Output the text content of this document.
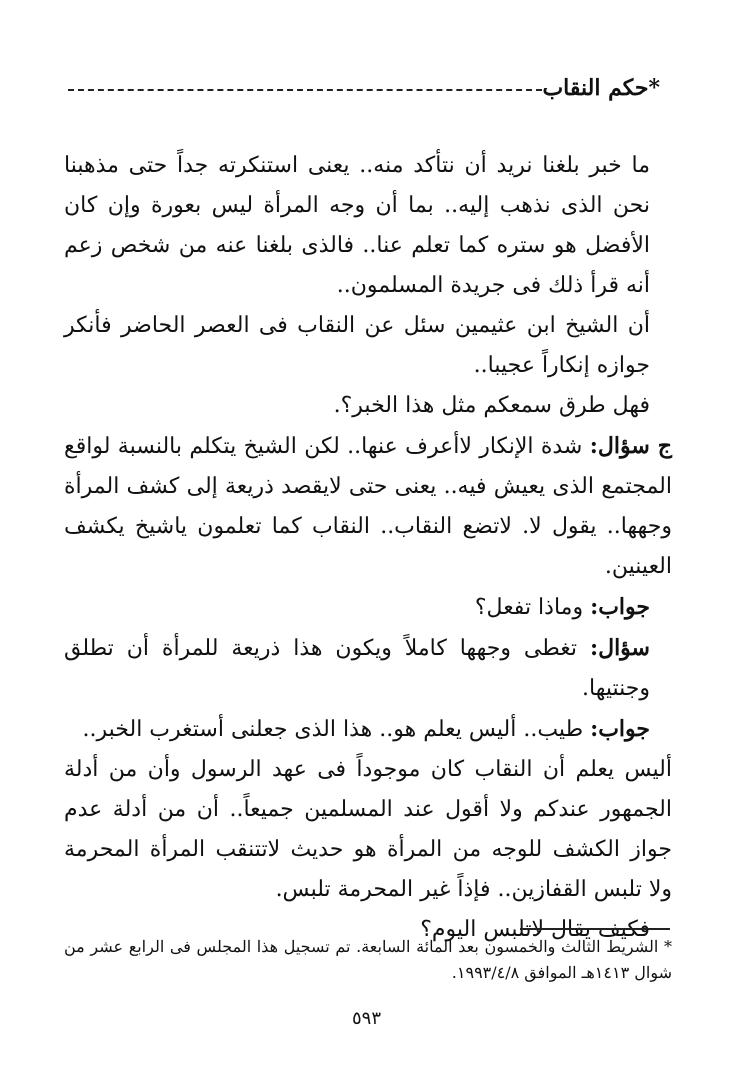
حكم النقاب*

ما خبر بلغنا نريد أن نتأكد منه.. يعنى استنكرته جداً حتى مذهبنا نحن الذى نذهب إليه.. بما أن وجه المرأة ليس بعورة وإن كان الأفضل هو ستره كما تعلم عنا.. فالذى بلغنا عنه من شخص زعم أنه قرأ ذلك فى جريدة المسلمون..

أن الشيخ ابن عثيمين سئل عن النقاب فى العصر الحاضر فأنكر جوازه إنكاراً عجيبا..

فهل طرق سمعكم مثل هذا الخبر؟.

ج سؤال: شدة الإنكار لاأعرف عنها.. لكن الشيخ يتكلم بالنسبة لواقع المجتمع الذى يعيش فيه.. يعنى حتى لايقصد ذريعة إلى كشف المرأة وجهها.. يقول لا. لاتضع النقاب.. النقاب كما تعلمون ياشيخ يكشف العينين.

جواب: وماذا تفعل؟

سؤال: تغطى وجهها كاملاً ويكون هذا ذريعة للمرأة أن تطلق وجنتيها.

جواب: طيب.. أليس يعلم هو.. هذا الذى جعلنى أستغرب الخبر..

أليس يعلم أن النقاب كان موجوداً فى عهد الرسول وأن من أدلة الجمهور عندكم ولا أقول عند المسلمين جميعاً.. أن من أدلة عدم جواز الكشف للوجه من المرأة هو حديث لاتتنقب المرأة المحرمة ولا تلبس القفازين.. فإذاً غير المحرمة تلبس.

فكيف يقال لاتلبس اليوم؟

* الشريط الثالث والخمسون بعد المائة السابعة. تم تسجيل هذا المجلس فى الرابع عشر من شوال ١٤١٣هـ الموافق ١٩٩٣/٤/٨.
٥٩٣
